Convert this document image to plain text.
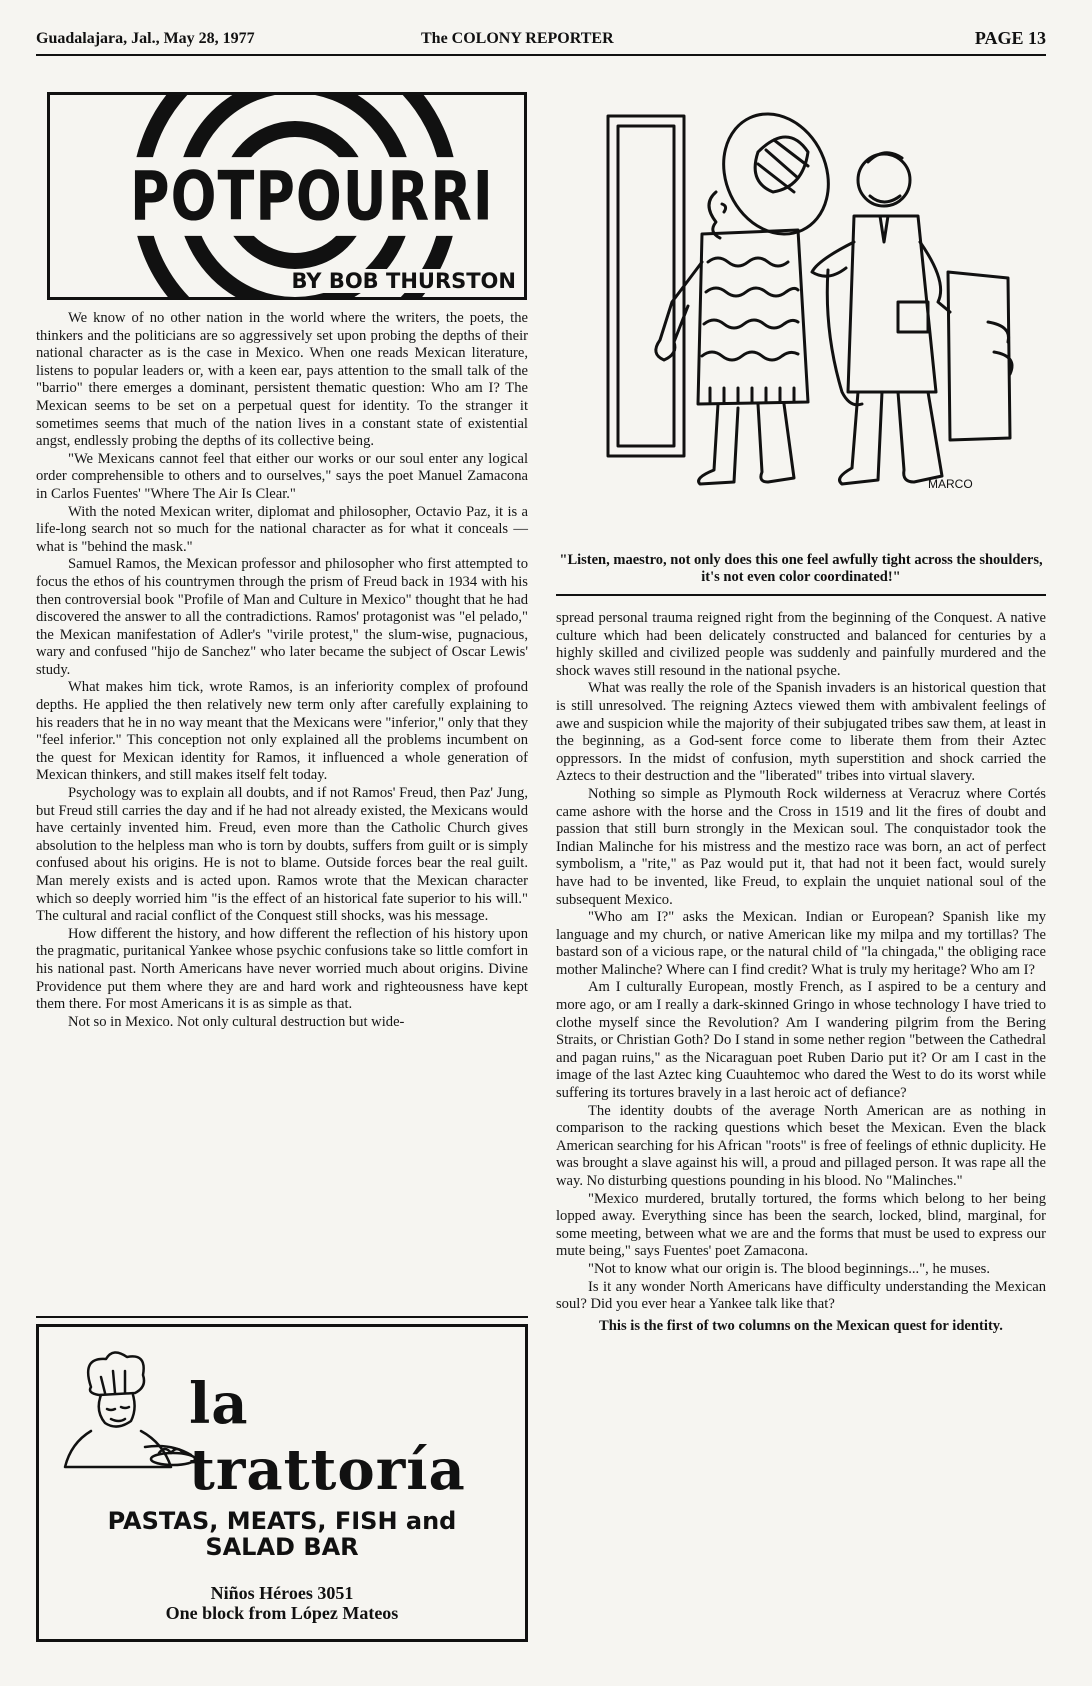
Guadalajara, Jal., May 28, 1977	The COLONY REPORTER	PAGE 13
POTPOURRI
BY BOB THURSTON

We know of no other nation in the world where the writers, the poets, the thinkers and the politicians are so aggressively set upon probing the depths of their national character as is the case in Mexico. When one reads Mexican literature, listens to popular leaders or, with a keen ear, pays attention to the small talk of the "barrio" there emerges a dominant, persistent thematic question: Who am I? The Mexican seems to be set on a perpetual quest for identity. To the stranger it sometimes seems that much of the nation lives in a constant state of existential angst, endlessly probing the depths of its collective being.

"We Mexicans cannot feel that either our works or our soul enter any logical order comprehensible to others and to ourselves," says the poet Manuel Zamacona in Carlos Fuentes' "Where The Air Is Clear."

With the noted Mexican writer, diplomat and philosopher, Octavio Paz, it is a life-long search not so much for the national character as for what it conceals — what is "behind the mask."

Samuel Ramos, the Mexican professor and philosopher who first attempted to focus the ethos of his countrymen through the prism of Freud back in 1934 with his then controversial book "Profile of Man and Culture in Mexico" thought that he had discovered the answer to all the contradictions. Ramos' protagonist was "el pelado," the Mexican manifestation of Adler's "virile protest," the slum-wise, pugnacious, wary and confused "hijo de Sanchez" who later became the subject of Oscar Lewis' study.

What makes him tick, wrote Ramos, is an inferiority complex of profound depths. He applied the then relatively new term only after carefully explaining to his readers that he in no way meant that the Mexicans were "inferior," only that they "feel inferior." This conception not only explained all the problems incumbent on the quest for Mexican identity for Ramos, it influenced a whole generation of Mexican thinkers, and still makes itself felt today.

Psychology was to explain all doubts, and if not Ramos' Freud, then Paz' Jung, but Freud still carries the day and if he had not already existed, the Mexicans would have certainly invented him. Freud, even more than the Catholic Church gives absolution to the helpless man who is torn by doubts, suffers from guilt or is simply confused about his origins. He is not to blame. Outside forces bear the real guilt. Man merely exists and is acted upon. Ramos wrote that the Mexican character which so deeply worried him "is the effect of an historical fate superior to his will." The cultural and racial conflict of the Conquest still shocks, was his message.

How different the history, and how different the reflection of his history upon the pragmatic, puritanical Yankee whose psychic confusions take so little comfort in his national past. North Americans have never worried much about origins. Divine Providence put them where they are and hard work and righteousness have kept them there. For most Americans it is as simple as that.

Not so in Mexico. Not only cultural destruction but wide-

MARCO
"Listen, maestro, not only does this one feel awfully tight across the shoulders, it's not even color coordinated!"

spread personal trauma reigned right from the beginning of the Conquest. A native culture which had been delicately constructed and balanced for centuries by a highly skilled and civilized people was suddenly and painfully murdered and the shock waves still resound in the national psyche.

What was really the role of the Spanish invaders is an historical question that is still unresolved. The reigning Aztecs viewed them with ambivalent feelings of awe and suspicion while the majority of their subjugated tribes saw them, at least in the beginning, as a God-sent force come to liberate them from their Aztec oppressors. In the midst of confusion, myth superstition and shock carried the Aztecs to their destruction and the "liberated" tribes into virtual slavery.

Nothing so simple as Plymouth Rock wilderness at Veracruz where Cortés came ashore with the horse and the Cross in 1519 and lit the fires of doubt and passion that still burn strongly in the Mexican soul. The conquistador took the Indian Malinche for his mistress and the mestizo race was born, an act of perfect symbolism, a "rite," as Paz would put it, that had not it been fact, would surely have had to be invented, like Freud, to explain the unquiet national soul of the subsequent Mexico.

"Who am I?" asks the Mexican. Indian or European? Spanish like my language and my church, or native American like my milpa and my tortillas? The bastard son of a vicious rape, or the natural child of "la chingada," the obliging race mother Malinche? Where can I find credit? What is truly my heritage? Who am I?

Am I culturally European, mostly French, as I aspired to be a century and more ago, or am I really a dark-skinned Gringo in whose technology I have tried to clothe myself since the Revolution? Am I wandering pilgrim from the Bering Straits, or Christian Goth? Do I stand in some nether region "between the Cathedral and pagan ruins," as the Nicaraguan poet Ruben Dario put it? Or am I cast in the image of the last Aztec king Cuauhtemoc who dared the West to do its worst while suffering its tortures bravely in a last heroic act of defiance?

The identity doubts of the average North American are as nothing in comparison to the racking questions which beset the Mexican. Even the black American searching for his African "roots" is free of feelings of ethnic duplicity. He was brought a slave against his will, a proud and pillaged person. It was rape all the way. No disturbing questions pounding in his blood. No "Malinches."

"Mexico murdered, brutally tortured, the forms which belong to her being lopped away. Everything since has been the search, locked, blind, marginal, for some meeting, between what we are and the forms that must be used to express our mute being," says Fuentes' poet Zamacona.

"Not to know what our origin is. The blood beginnings...", he muses.

Is it any wonder North Americans have difficulty understanding the Mexican soul? Did you ever hear a Yankee talk like that?

This is the first of two columns on the Mexican quest for identity.

la trattoría
PASTAS, MEATS, FISH and
SALAD BAR
Niños Héroes 3051
One block from López Mateos
